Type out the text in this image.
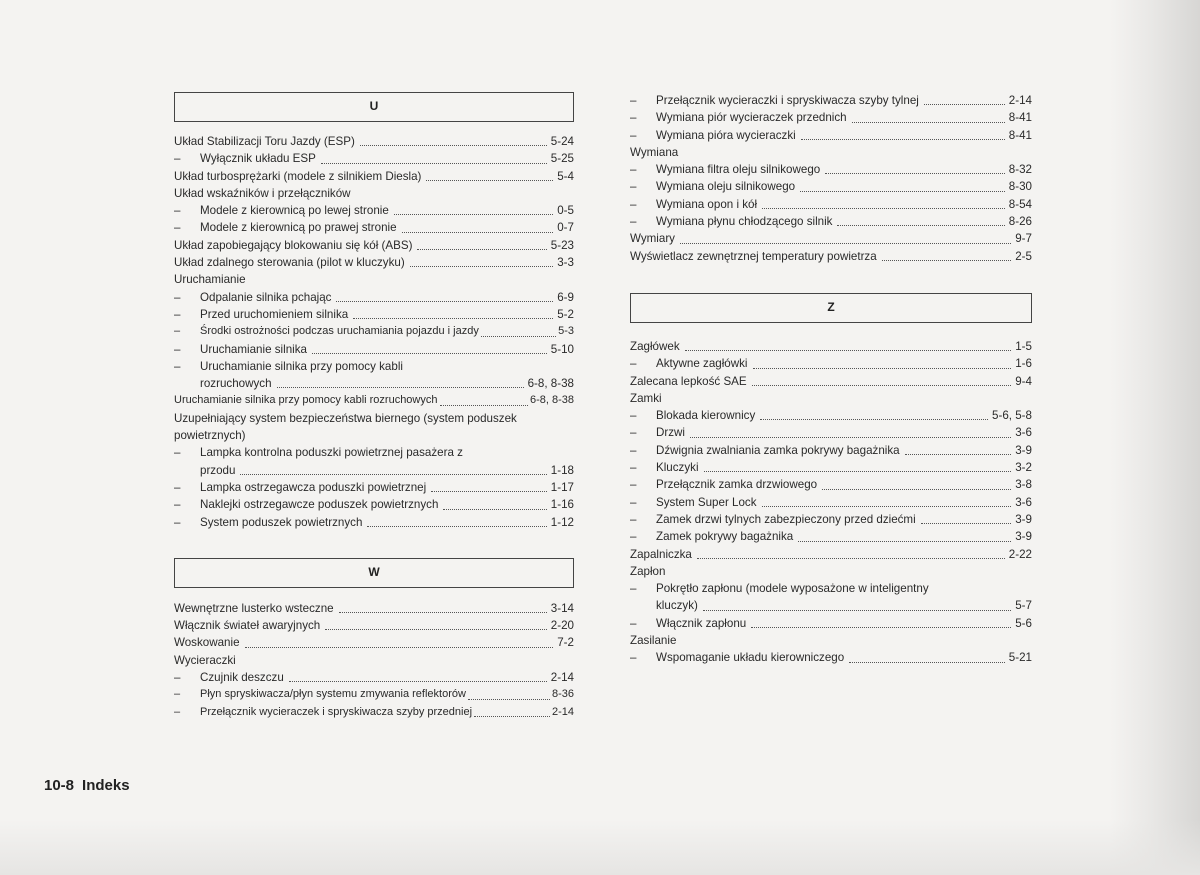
U
Układ Stabilizacji Toru Jazdy (ESP)	5-24
– Wyłącznik układu ESP	5-25
Układ turbosprężarki (modele z silnikiem Diesla)	5-4
Układ wskaźników i przełączników
– Modele z kierownicą po lewej stronie	0-5
– Modele z kierownicą po prawej stronie	0-7
Układ zapobiegający blokowaniu się kół (ABS)	5-23
Układ zdalnego sterowania (pilot w kluczyku)	3-3
Uruchamianie
– Odpalanie silnika pchając	6-9
– Przed uruchomieniem silnika	5-2
– Środki ostrożności podczas uruchamiania pojazdu i jazdy	5-3
– Uruchamianie silnika	5-10
– Uruchamianie silnika przy pomocy kabli
rozruchowych	6-8, 8-38
Uruchamianie silnika przy pomocy kabli rozruchowych	6-8, 8-38
Uzupełniający system bezpieczeństwa biernego (system poduszek
powietrznych)
– Lampka kontrolna poduszki powietrznej pasażera z
przodu	1-18
– Lampka ostrzegawcza poduszki powietrznej	1-17
– Naklejki ostrzegawcze poduszek powietrznych	1-16
– System poduszek powietrznych	1-12
W
Wewnętrzne lusterko wsteczne	3-14
Włącznik świateł awaryjnych	2-20
Woskowanie	7-2
Wycieraczki
– Czujnik deszczu	2-14
– Płyn spryskiwacza/płyn systemu zmywania reflektorów	8-36
– Przełącznik wycieraczek i spryskiwacza szyby przedniej	2-14
– Przełącznik wycieraczki i spryskiwacza szyby tylnej	2-14
– Wymiana piór wycieraczek przednich	8-41
– Wymiana pióra wycieraczki	8-41
Wymiana
– Wymiana filtra oleju silnikowego	8-32
– Wymiana oleju silnikowego	8-30
– Wymiana opon i kół	8-54
– Wymiana płynu chłodzącego silnik	8-26
Wymiary	9-7
Wyświetlacz zewnętrznej temperatury powietrza	2-5
Z
Zagłówek	1-5
– Aktywne zagłówki	1-6
Zalecana lepkość SAE	9-4
Zamki
– Blokada kierownicy	5-6, 5-8
– Drzwi	3-6
– Dźwignia zwalniania zamka pokrywy bagażnika	3-9
– Kluczyki	3-2
– Przełącznik zamka drzwiowego	3-8
– System Super Lock	3-6
– Zamek drzwi tylnych zabezpieczony przed dziećmi	3-9
– Zamek pokrywy bagażnika	3-9
Zapalniczka	2-22
Zapłon
– Pokrętło zapłonu (modele wyposażone w inteligentny
kluczyk)	5-7
– Włącznik zapłonu	5-6
Zasilanie
– Wspomaganie układu kierowniczego	5-21
10-8 Indeks
